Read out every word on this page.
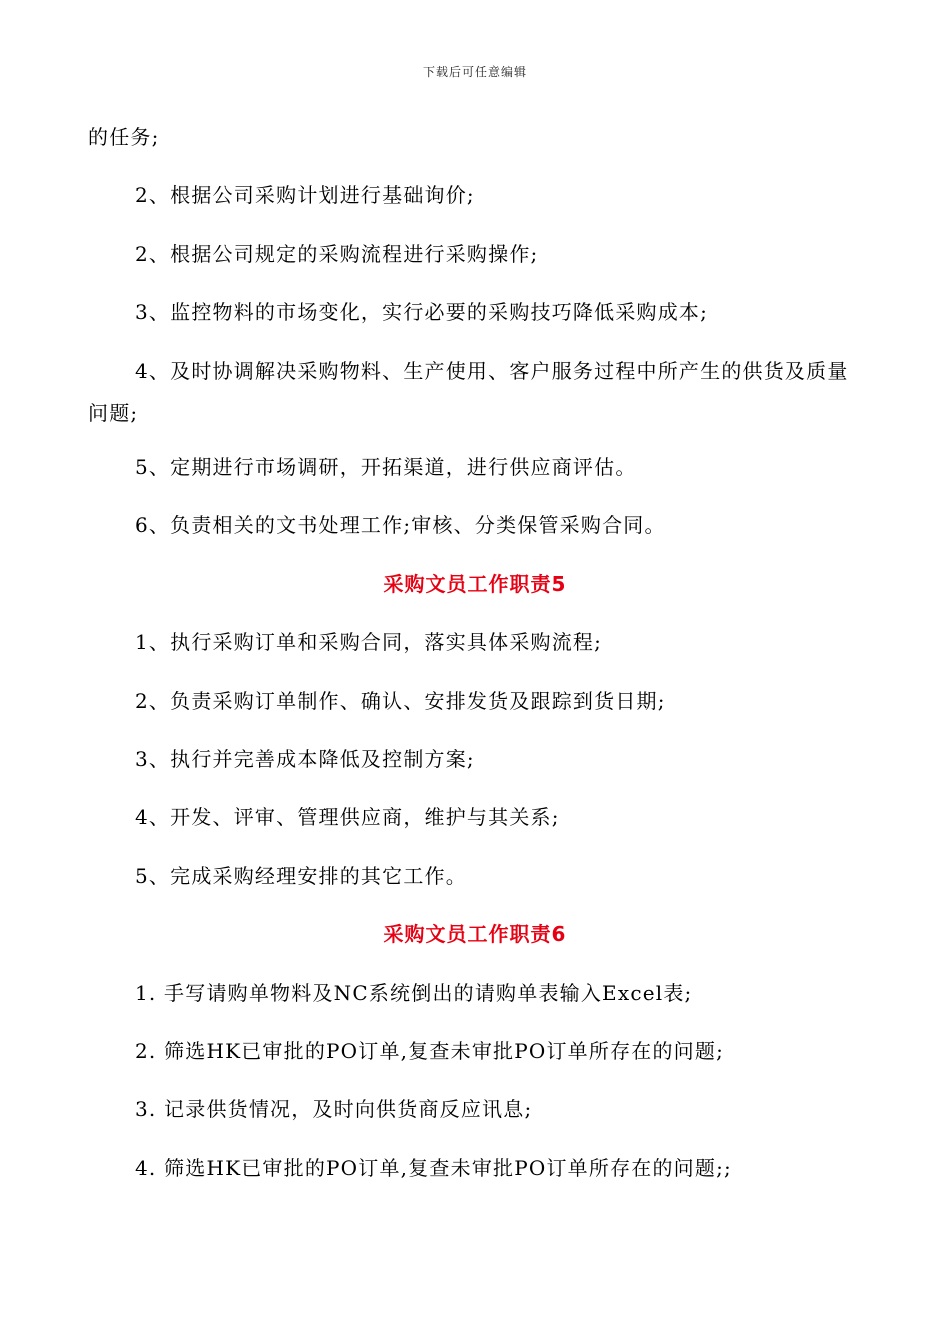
下载后可任意编辑
的任务;
2、根据公司采购计划进行基础询价;
2、根据公司规定的采购流程进行采购操作;
3、监控物料的市场变化，实行必要的采购技巧降低采购成本;
4、及时协调解决采购物料、生产使用、客户服务过程中所产生的供货及质量问题;
5、定期进行市场调研，开拓渠道，进行供应商评估。
6、负责相关的文书处理工作;审核、分类保管采购合同。
采购文员工作职责5
1、执行采购订单和采购合同，落实具体采购流程;
2、负责采购订单制作、确认、安排发货及跟踪到货日期;
3、执行并完善成本降低及控制方案;
4、开发、评审、管理供应商，维护与其关系;
5、完成采购经理安排的其它工作。
采购文员工作职责6
1. 手写请购单物料及NC系统倒出的请购单表输入Excel表;
2. 筛选HK已审批的PO订单,复查未审批PO订单所存在的问题;
3. 记录供货情况，及时向供货商反应讯息;
4. 筛选HK已审批的PO订单,复查未审批PO订单所存在的问题;;
